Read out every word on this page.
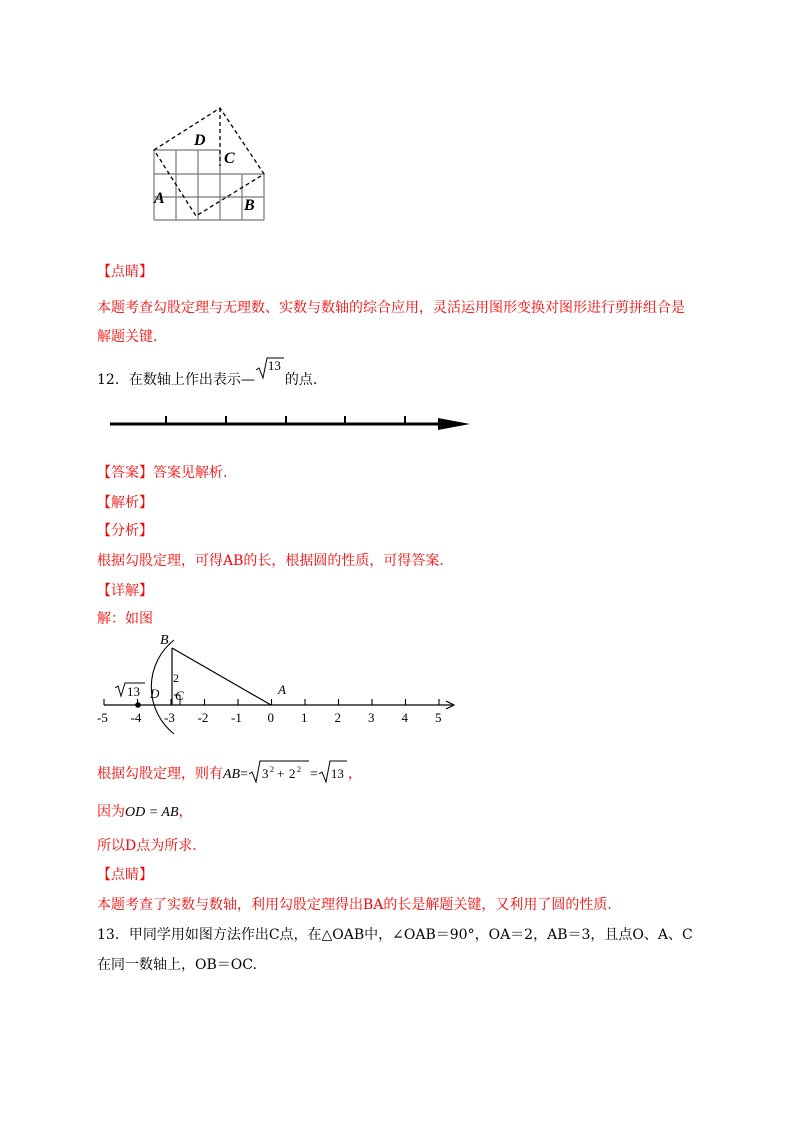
D
C
A	B
【点睛】
本题考查勾股定理与无理数、实数与数轴的综合应用，灵活运用图形变换对图形进行剪拼组合是
解题关键.
12．在数轴上作出表示—
13
的点.
【答案】答案见解析.
【解析】
【分析】
根据勾股定理，可得AB的长，根据圆的性质，可得答案.
【详解】
解：如图
-5 -4 -3 -2 -1 0 1 2 3 4 5
B
A
D C
2
13
根据勾股定理，则有AB= 3 2 + 2 2 = 13 ，
因为OD = AB，
所以D点为所求.
【点睛】
本题考查了实数与数轴，利用勾股定理得出BA的长是解题关键，又利用了圆的性质.
13．甲同学用如图方法作出C点，在△OAB中，∠OAB＝90°，OA＝2，AB＝3，且点O、A、C
在同一数轴上，OB＝OC.
